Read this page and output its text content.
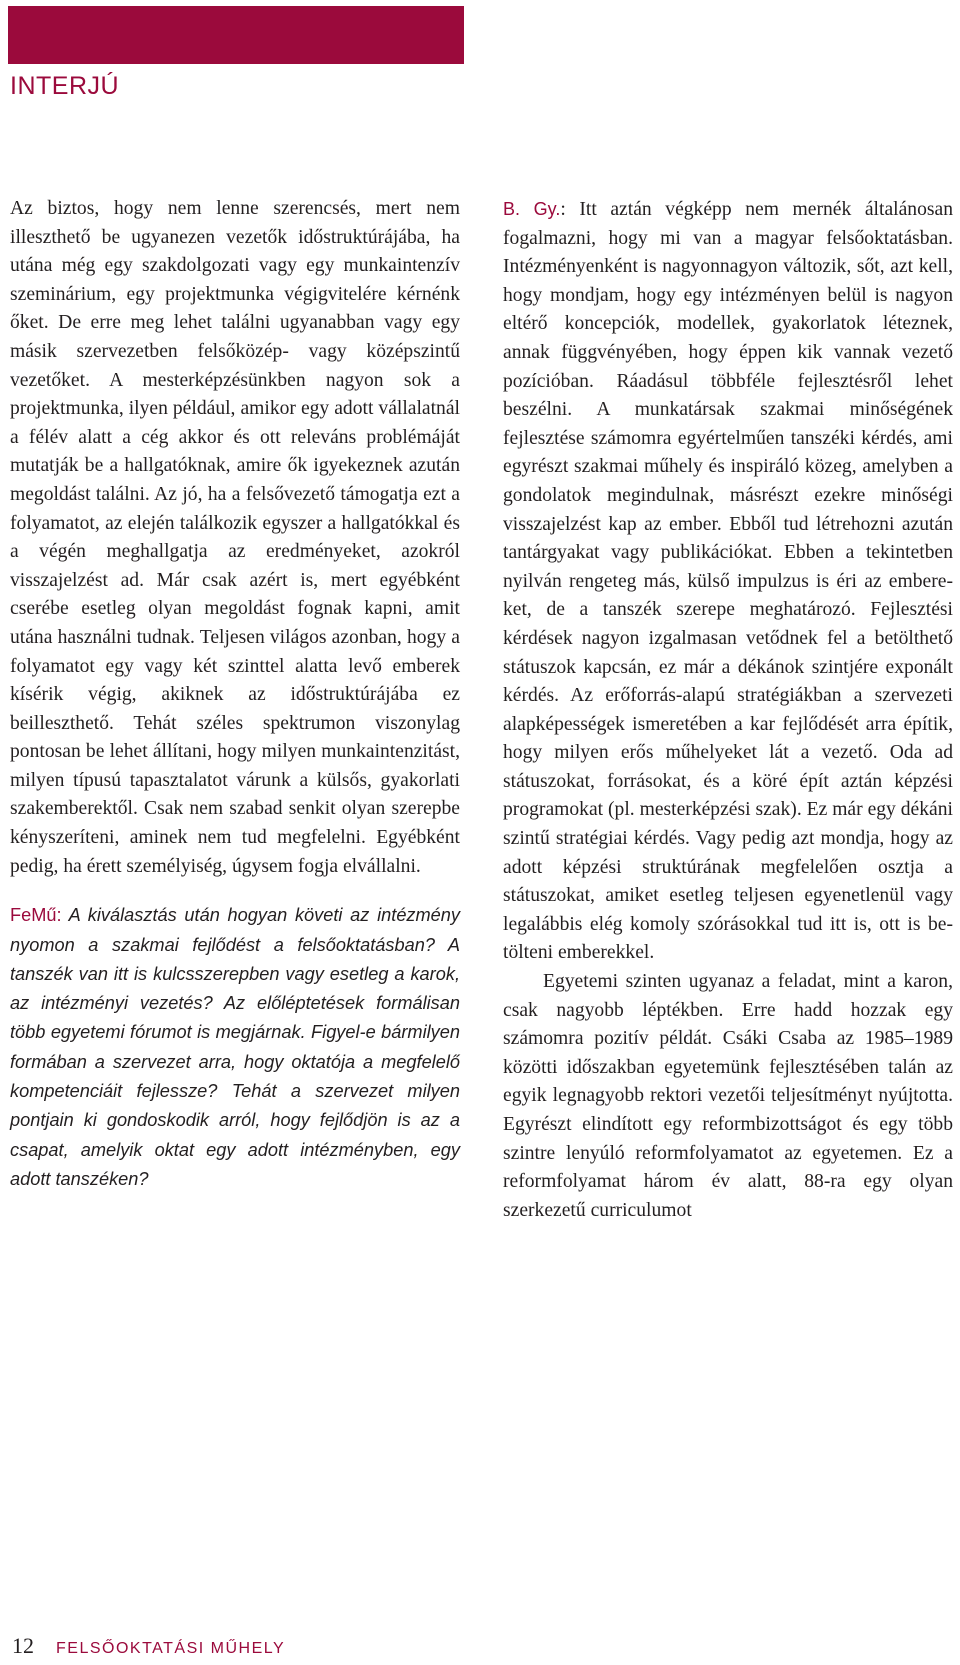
INTERJÚ

Az biztos, hogy nem lenne szerencsés, mert nem illeszthető be ugyanezen vezetők időstruktúrájába, ha utána még egy szakdolgozati vagy egy munkaintenzív szeminárium, egy projektmunka végigvitelére kérnénk őket. De erre meg lehet találni ugyanabban vagy egy másik szervezetben felsőközép- vagy középszintű vezetőket. A mesterképzésünkben nagyon sok a projektmunka, ilyen például, amikor egy adott vállalatnál a félév alatt a cég akkor és ott releváns problémáját mutatják be a hallgatóknak, amire ők igyekeznek azután megoldást találni. Az jó, ha a felsővezető támogatja ezt a folyamatot, az elején találkozik egyszer a hallgatókkal és a végén meghallgatja az eredményeket, azokról visszajelzést ad. Már csak azért is, mert egyébként cserébe esetleg olyan megoldást fognak kapni, amit utána használni tudnak. Teljesen világos azonban, hogy a folyamatot egy vagy két szinttel alatta levő emberek kísérik végig, akiknek az időstruktúrájába ez beilleszthető. Tehát széles spektrumon viszonylag pontosan be lehet állítani, hogy milyen munkaintenzitást, milyen típusú tapasztalatot várunk a külsős, gyakorlati szakemberektől. Csak nem szabad senkit olyan szerepbe kényszeríteni, aminek nem tud megfelelni. Egyébként pedig, ha érett személyiség, úgysem fogja elvállalni.

FeMű: A kiválasztás után hogyan követi az intézmény nyomon a szakmai fejlődést a felsőoktatásban? A tanszék van itt is kulcsszerepben vagy esetleg a karok, az intézményi vezetés? Az előléptetések formálisan több egyetemi fórumot is megjárnak. Figyel-e bármilyen formában a szervezet arra, hogy oktatója a megfelelő kompetenciáit fejlessze? Tehát a szervezet milyen pontjain ki gondoskodik arról, hogy fejlődjön is az a csapat, amelyik oktat egy adott intézményben, egy adott tanszéken?

B. Gy.: Itt aztán végképp nem mernék általánosan fogalmazni, hogy mi van a magyar felsőoktatásban. Intézményenként is nagyonnagyon változik, sőt, azt kell, hogy mondjam, hogy egy intézményen belül is nagyon eltérő koncepciók, modellek, gyakorlatok léteznek, annak függvényében, hogy éppen kik vannak vezető pozícióban. Ráadásul többféle fejlesztésről lehet beszélni. A munkatársak szakmai minőségének fejlesztése számomra egyértelműen tanszéki kérdés, ami egyrészt szakmai műhely és inspiráló közeg, amelyben a gondolatok megindulnak, másrészt ezekre minőségi visszajelzést kap az ember. Ebből tud létrehozni azután tantárgyakat vagy publikációkat. Ebben a tekintetben nyilván rengeteg más, külső impulzus is éri az embereket, de a tanszék szerepe meghatározó. Fejlesztési kérdések nagyon izgalmasan vetődnek fel a betölthető státuszok kapcsán, ez már a dékánok szintjére exponált kérdés. Az erőforrás-alapú stratégiákban a szervezeti alapképességek ismeretében a kar fejlődését arra építik, hogy milyen erős műhelyeket lát a vezető. Oda ad státuszokat, forrásokat, és a köré épít aztán képzési programokat (pl. mesterképzési szak). Ez már egy dékáni szintű stratégiai kérdés. Vagy pedig azt mondja, hogy az adott képzési struktúrának megfelelően osztja a státuszokat, amiket esetleg teljesen egyenetlenül vagy legalábbis elég komoly szórásokkal tud itt is, ott is betölteni emberekkel.

Egyetemi szinten ugyanaz a feladat, mint a karon, csak nagyobb léptékben. Erre hadd hozzak egy számomra pozitív példát. Csáki Csaba az 1985–1989 közötti időszakban egyetemünk fejlesztésében talán az egyik legnagyobb rektori vezetői teljesítményt nyújtotta. Egyrészt elindított egy reformbizottságot és egy több szintre lenyúló reformfolyamatot az egyetemen. Ez a reformfolyamat három év alatt, 88-ra egy olyan szerkezetű curriculumot

12 FELSŐOKTATÁSI MŰHELY
